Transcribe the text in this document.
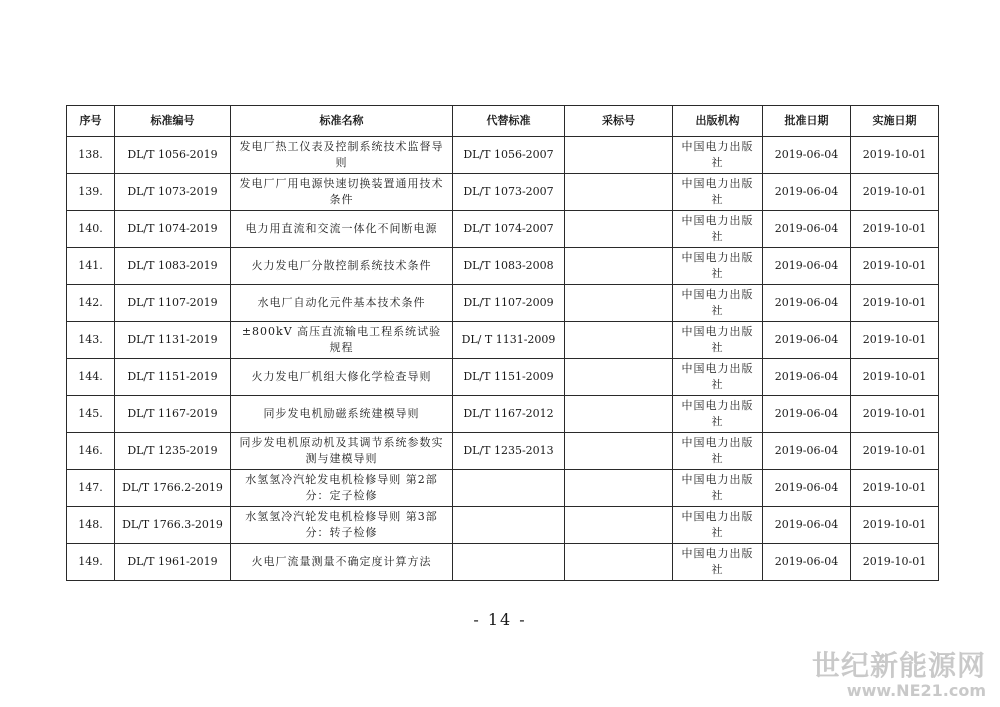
序号	标准编号	标准名称	代替标准	采标号	出版机构	批准日期	实施日期
138.	DL/T 1056-2019	发电厂热工仪表及控制系统技术监督导则	DL/T 1056-2007		中国电力出版社	2019-06-04	2019-10-01
139.	DL/T 1073-2019	发电厂厂用电源快速切换装置通用技术条件	DL/T 1073-2007		中国电力出版社	2019-06-04	2019-10-01
140.	DL/T 1074-2019	电力用直流和交流一体化不间断电源	DL/T 1074-2007		中国电力出版社	2019-06-04	2019-10-01
141.	DL/T 1083-2019	火力发电厂分散控制系统技术条件	DL/T 1083-2008		中国电力出版社	2019-06-04	2019-10-01
142.	DL/T 1107-2019	水电厂自动化元件基本技术条件	DL/T 1107-2009		中国电力出版社	2019-06-04	2019-10-01
143.	DL/T 1131-2019	±800kV 高压直流输电工程系统试验规程	DL/ T 1131-2009		中国电力出版社	2019-06-04	2019-10-01
144.	DL/T 1151-2019	火力发电厂机组大修化学检查导则	DL/T 1151-2009		中国电力出版社	2019-06-04	2019-10-01
145.	DL/T 1167-2019	同步发电机励磁系统建模导则	DL/T 1167-2012		中国电力出版社	2019-06-04	2019-10-01
146.	DL/T 1235-2019	同步发电机原动机及其调节系统参数实测与建模导则	DL/T 1235-2013		中国电力出版社	2019-06-04	2019-10-01
147.	DL/T 1766.2-2019	水氢氢冷汽轮发电机检修导则 第2部分：定子检修			中国电力出版社	2019-06-04	2019-10-01
148.	DL/T 1766.3-2019	水氢氢冷汽轮发电机检修导则 第3部分：转子检修			中国电力出版社	2019-06-04	2019-10-01
149.	DL/T 1961-2019	火电厂流量测量不确定度计算方法			中国电力出版社	2019-06-04	2019-10-01
- 14 -
世纪新能源网
www.NE21.com
